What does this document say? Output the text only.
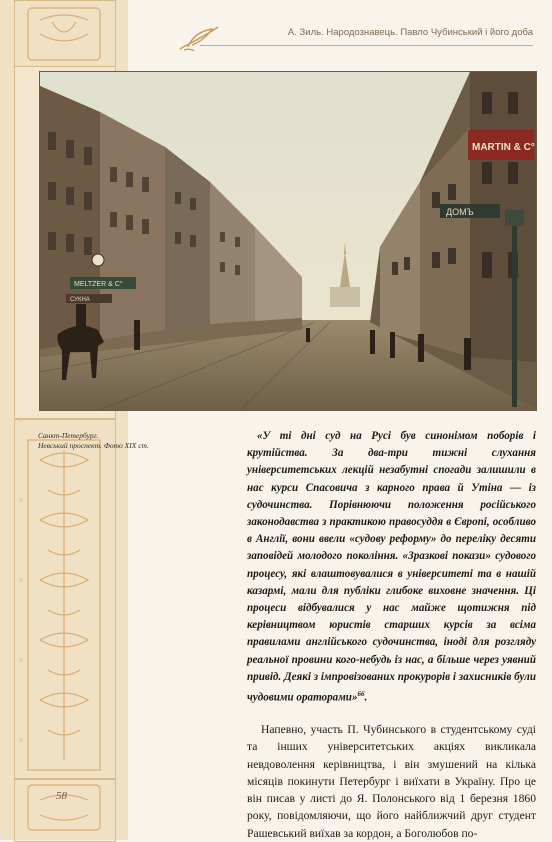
А. Зиль. Народознавець. Павло Чубинський і його доба
MELTZER & C°
СУКНА
MARTIN & C°
ДОМЪ
Санкт-Петербург.
Невський проспект. Фото XIX ст.

«У ті дні суд на Русі був синонімом поборів і крутійства. За два-три тижні слухання університетських лекцій незабутні спогади залишили в нас курси Спасовича з карного права й Утіна — із судочинства. Порівнюючи положення російського законодавства з практикою правосуддя в Європі, особливо в Англії, вони ввели «судову реформу» до переліку десяти заповідей молодого покоління. «Зразкові покази» судового процесу, які влаштовувалися в університеті та в нашій казармі, мали для публіки глибоке виховне значення. Ці процеси відбувалися у нас майже щотижня під керівництвом юристів старших курсів за всіма правилами англійського судочинства, іноді для розгляду реальної провини кого-небудь із нас, а більше через уявний привід. Деякі з імпровізованих прокурорів і захисників були чудовими ораторами»$^{66}$.

Напевно, участь П. Чубинського в студентському суді та інших університетських акціях викликала невдоволення керівництва, і він змушений на кілька місяців покинути Петербург і виїхати в Україну. Про це він писав у листі до Я. Полонського від 1 березня 1860 року, повідомляючи, що його найближчий друг студент Рашевський виїхав за кордон, а Боголюбов по-

58
